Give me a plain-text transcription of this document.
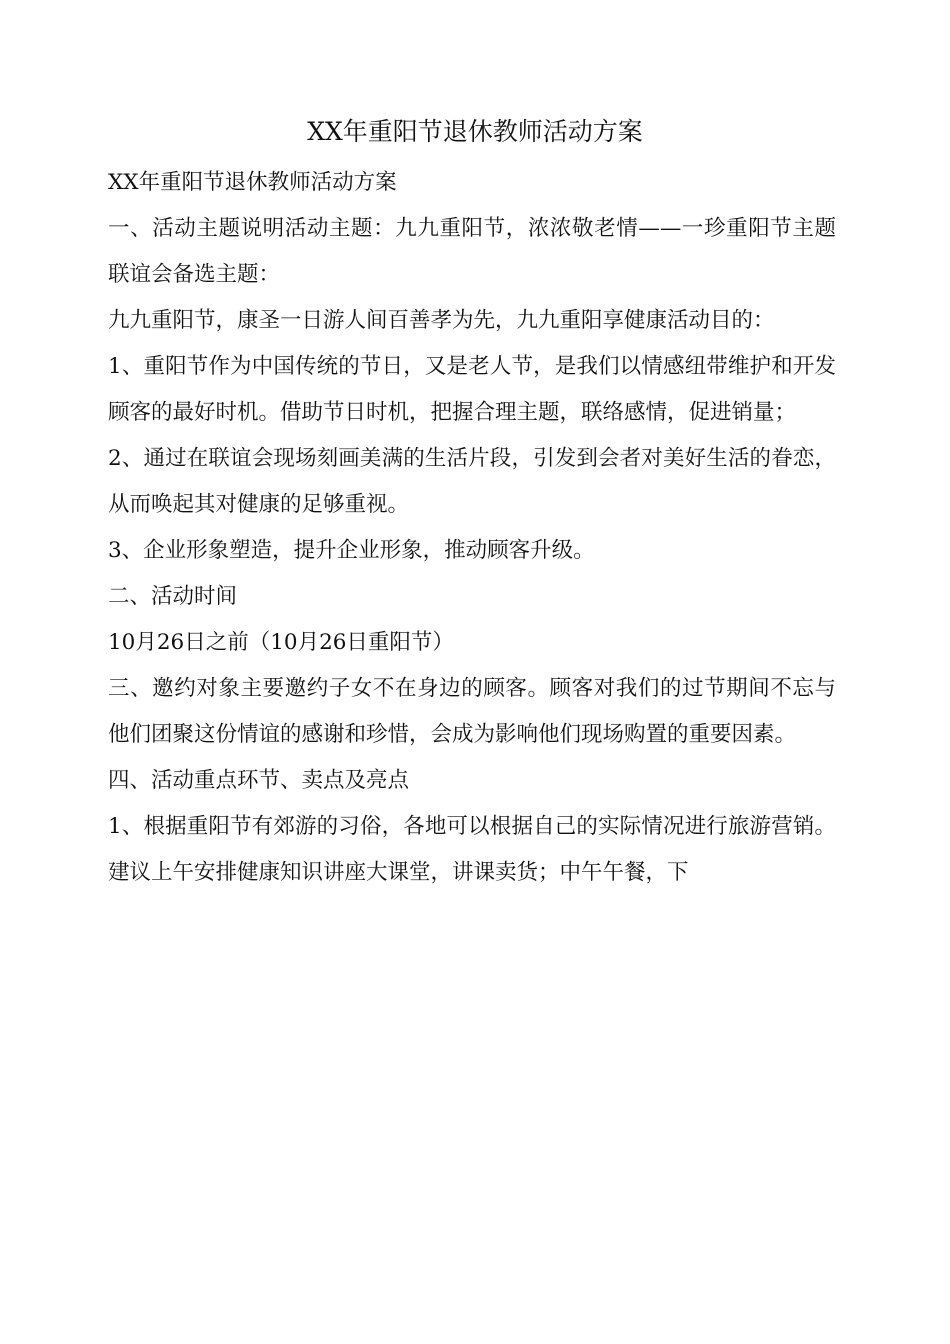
XX年重阳节退休教师活动方案

XX年重阳节退休教师活动方案

一、活动主题说明活动主题：九九重阳节，浓浓敬老情——一珍重阳节主题联谊会备选主题：

九九重阳节，康圣一日游人间百善孝为先，九九重阳享健康活动目的：

1、重阳节作为中国传统的节日，又是老人节，是我们以情感纽带维护和开发顾客的最好时机。借助节日时机，把握合理主题，联络感情，促进销量；

2、通过在联谊会现场刻画美满的生活片段，引发到会者对美好生活的眷恋，从而唤起其对健康的足够重视。

3、企业形象塑造，提升企业形象，推动顾客升级。

二、活动时间

10月26日之前（10月26日重阳节）

三、邀约对象主要邀约子女不在身边的顾客。顾客对我们的过节期间不忘与他们团聚这份情谊的感谢和珍惜，会成为影响他们现场购置的重要因素。

四、活动重点环节、卖点及亮点

1、根据重阳节有郊游的习俗，各地可以根据自己的实际情况进行旅游营销。建议上午安排健康知识讲座大课堂，讲课卖货；中午午餐，下
